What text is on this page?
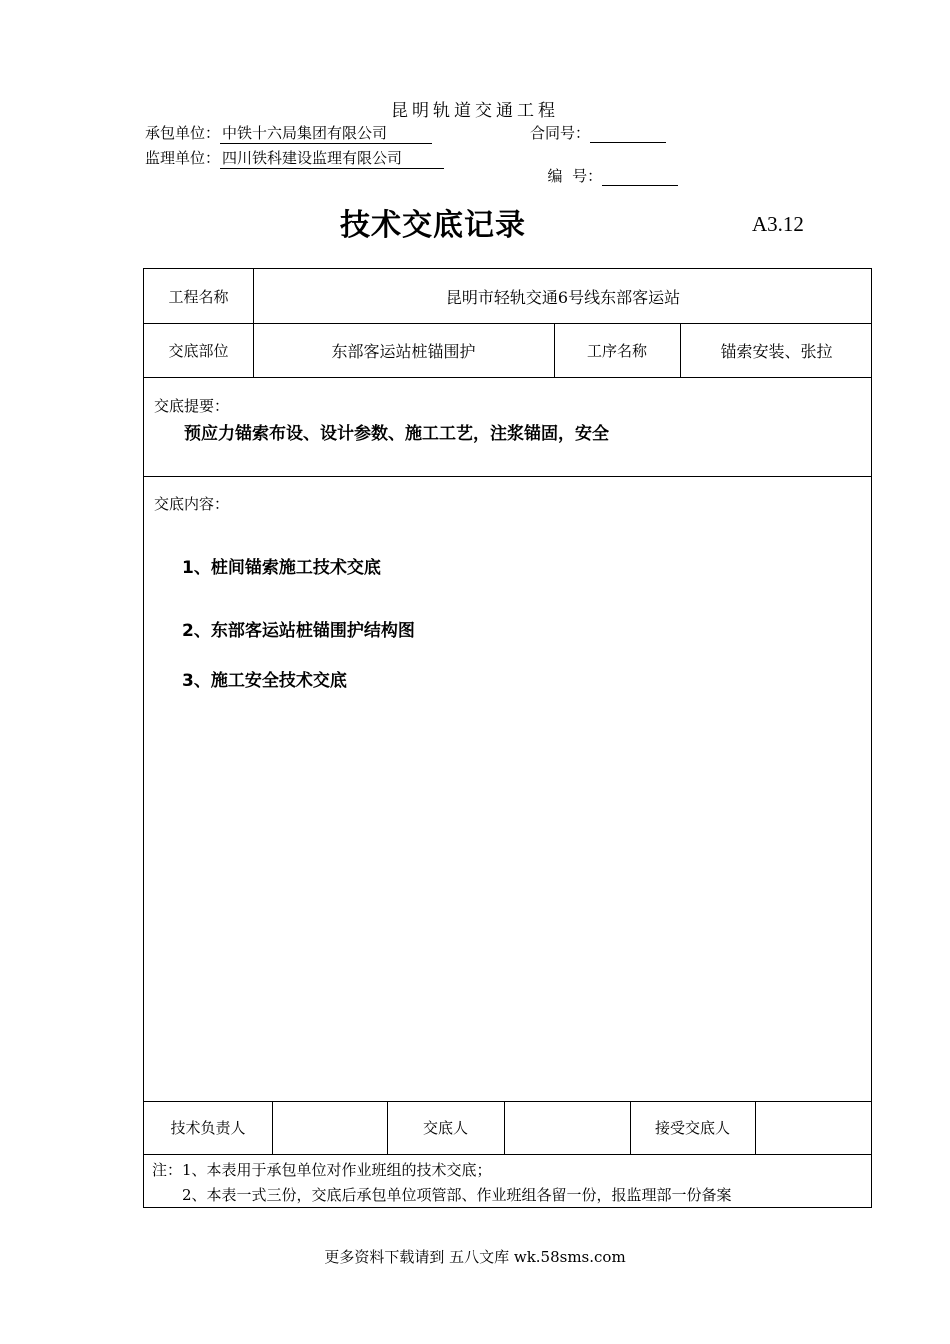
昆明轨道交通工程
承包单位： 中铁十六局集团有限公司	合同号：
监理单位： 四川铁科建设监理有限公司

编  号：

技术交底记录	A3.12
工程名称	昆明市轻轨交通6号线东部客运站
交底部位	东部客运站桩锚围护	工序名称	锚索安装、张拉
交底提要：
预应力锚索布设、设计参数、施工工艺，注浆锚固，安全
交底内容：
1、桩间锚索施工技术交底
2、东部客运站桩锚围护结构图
3、施工安全技术交底
技术负责人	交底人	接受交底人
注：1、本表用于承包单位对作业班组的技术交底；
2、本表一式三份，交底后承包单位项管部、作业班组各留一份，报监理部一份备案
更多资料下载请到 五八文库 wk.58sms.com
